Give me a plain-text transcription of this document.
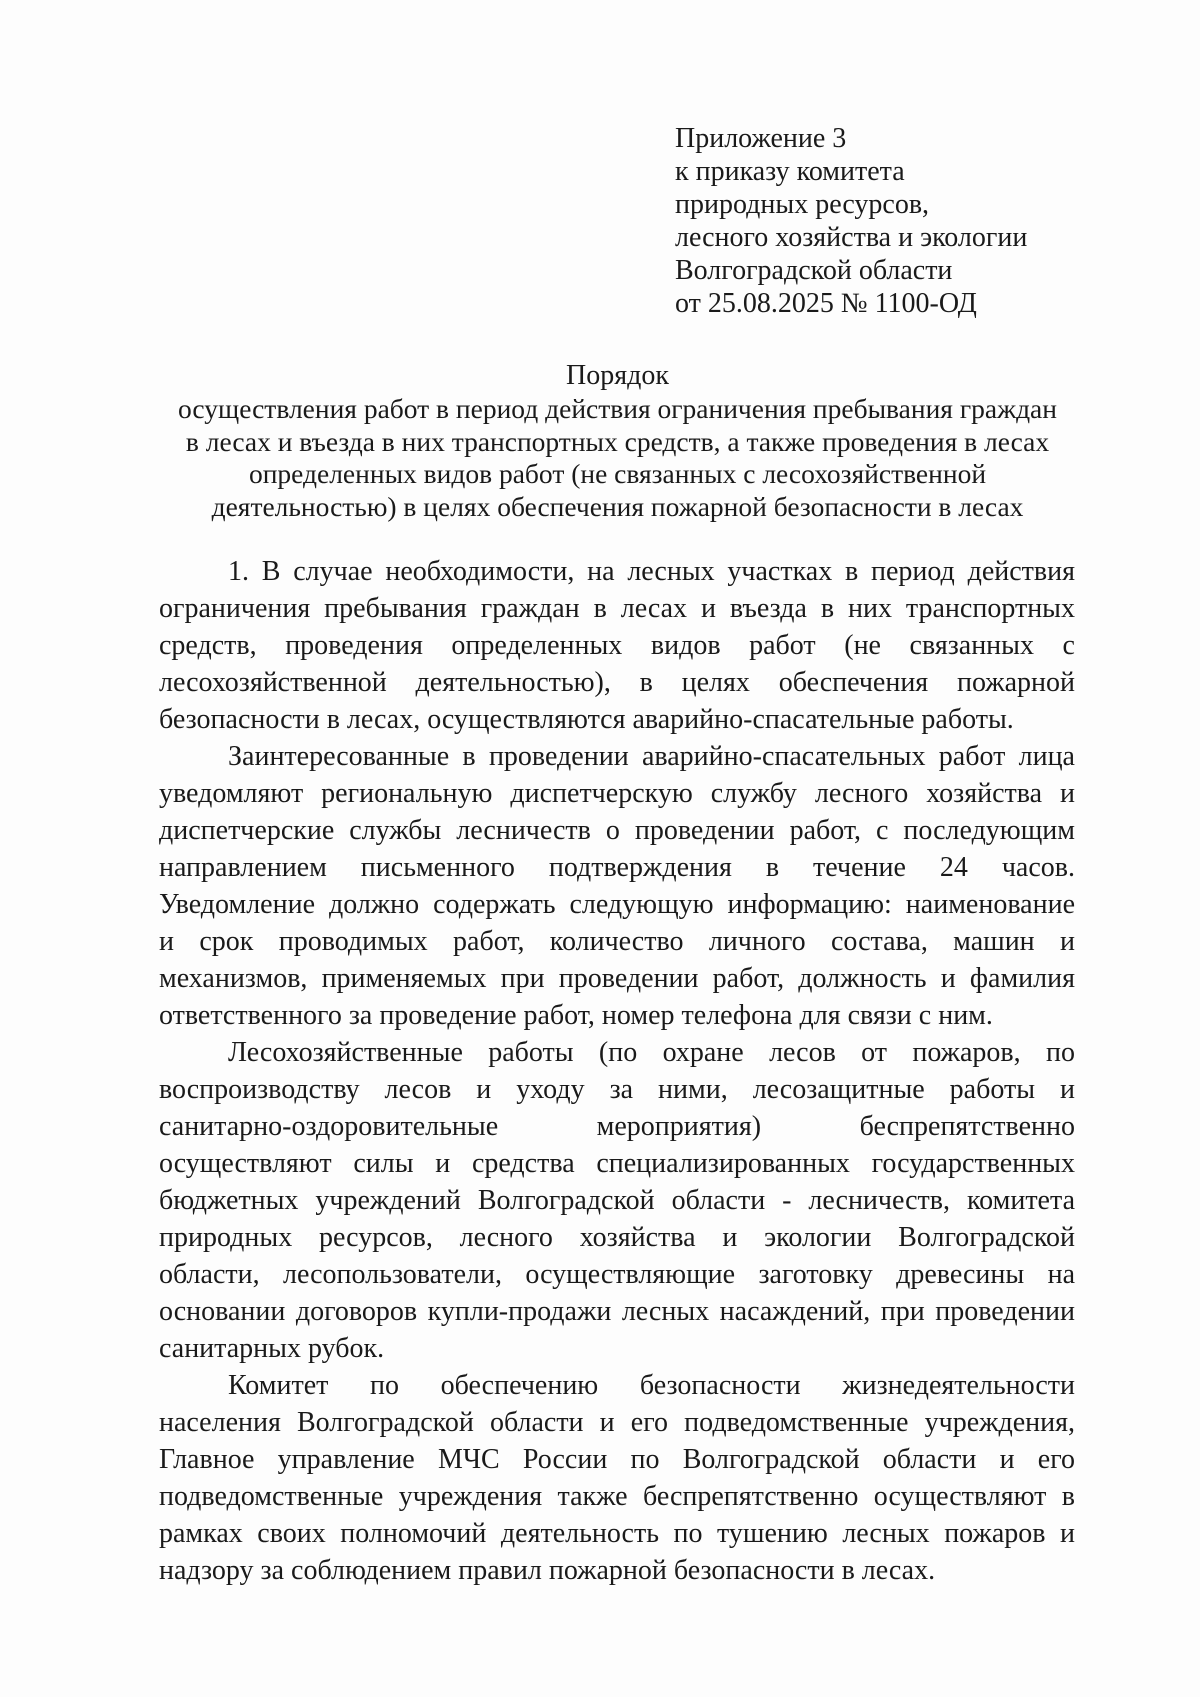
Приложение 3
к приказу комитета
природных ресурсов,
лесного хозяйства и экологии
Волгоградской области
от 25.08.2025 № 1100-ОД
Порядок
осуществления работ в период действия ограничения пребывания граждан
в лесах и въезда в них транспортных средств, а также проведения в лесах
определенных видов работ (не связанных с лесохозяйственной
деятельностью) в целях обеспечения пожарной безопасности в лесах
1. В случае необходимости, на лесных участках в период действия
ограничения пребывания граждан в лесах и въезда в них транспортных
средств, проведения определенных видов работ (не связанных с
лесохозяйственной деятельностью), в целях обеспечения пожарной
безопасности в лесах, осуществляются аварийно-спасательные работы.
Заинтересованные в проведении аварийно-спасательных работ лица
уведомляют региональную диспетчерскую службу лесного хозяйства и
диспетчерские службы лесничеств о проведении работ, с последующим
направлением письменного подтверждения в течение 24 часов.
Уведомление должно содержать следующую информацию: наименование
и срок проводимых работ, количество личного состава, машин и
механизмов, применяемых при проведении работ, должность и фамилия
ответственного за проведение работ, номер телефона для связи с ним.
Лесохозяйственные работы (по охране лесов от пожаров, по
воспроизводству лесов и уходу за ними, лесозащитные работы и
санитарно-оздоровительные мероприятия) беспрепятственно
осуществляют силы и средства специализированных государственных
бюджетных учреждений Волгоградской области - лесничеств, комитета
природных ресурсов, лесного хозяйства и экологии Волгоградской
области, лесопользователи, осуществляющие заготовку древесины на
основании договоров купли-продажи лесных насаждений, при проведении
санитарных рубок.
Комитет по обеспечению безопасности жизнедеятельности
населения Волгоградской области и его подведомственные учреждения,
Главное управление МЧС России по Волгоградской области и его
подведомственные учреждения также беспрепятственно осуществляют в
рамках своих полномочий деятельность по тушению лесных пожаров и
надзору за соблюдением правил пожарной безопасности в лесах.
